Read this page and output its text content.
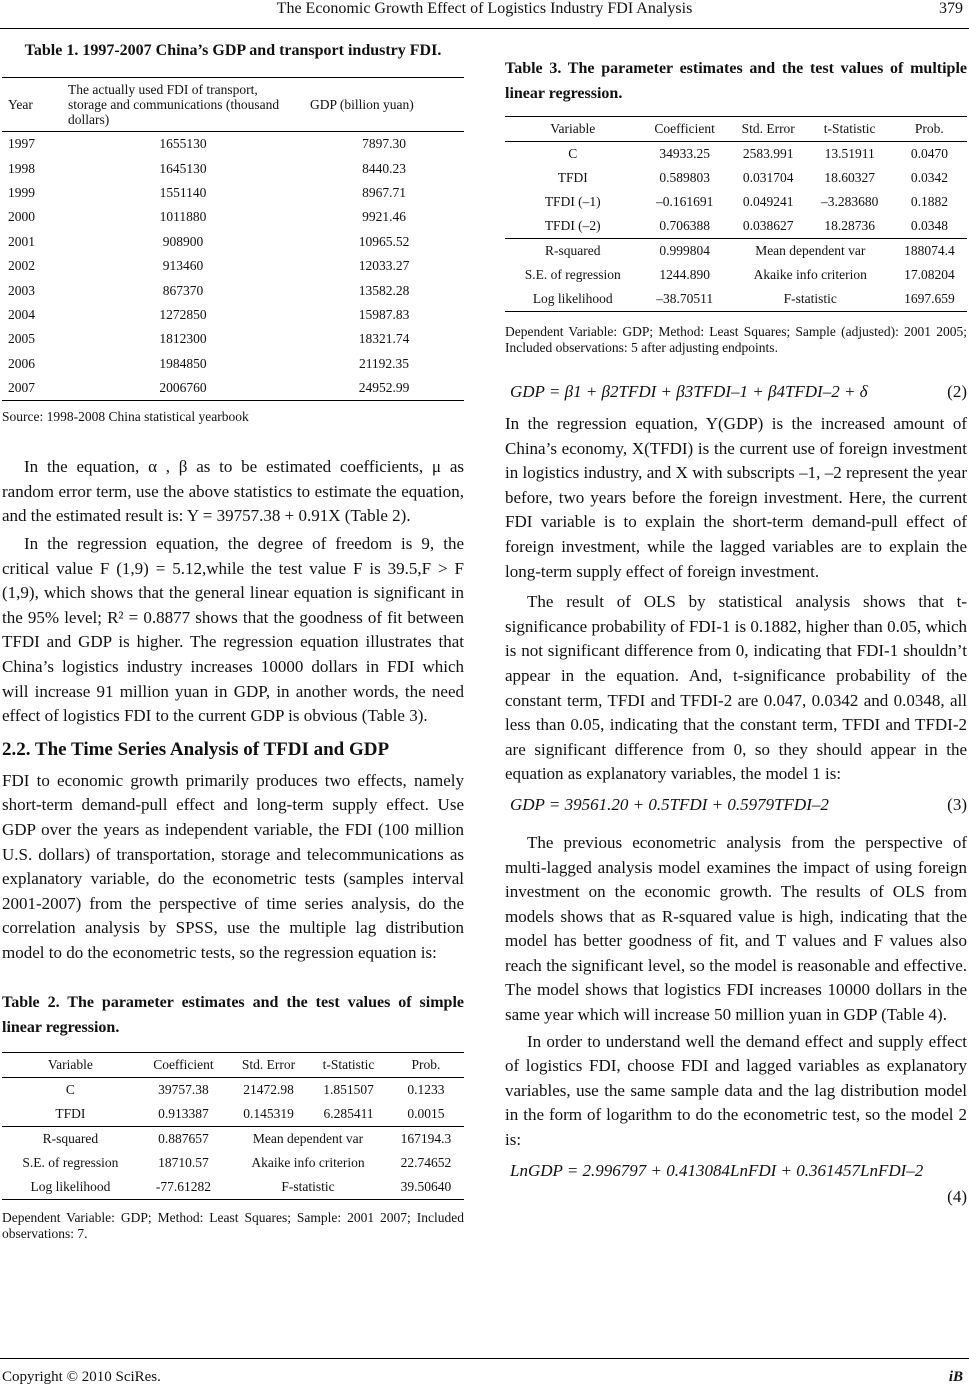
The Economic Growth Effect of Logistics Industry FDI Analysis	379
Table 1. 1997-2007 China’s GDP and transport industry FDI.
Year	The actually used FDI of transport, storage and communications (thousand dollars)	GDP (billion yuan)
1997	1655130	7897.30
1998	1645130	8440.23
1999	1551140	8967.71
2000	1011880	9921.46
2001	908900	10965.52
2002	913460	12033.27
2003	867370	13582.28
2004	1272850	15987.83
2005	1812300	18321.74
2006	1984850	21192.35
2007	2006760	24952.99
Source: 1998-2008 China statistical yearbook

In the equation, α , β as to be estimated coefficients, μ as random error term, use the above statistics to estimate the equation, and the estimated result is: Y = 39757.38 + 0.91X (Table 2).

In the regression equation, the degree of freedom is 9, the critical value F (1,9) = 5.12,while the test value F is 39.5,F > F (1,9), which shows that the general linear equation is significant in the 95% level; R² = 0.8877 shows that the goodness of fit between TFDI and GDP is higher. The regression equation illustrates that China’s logistics industry increases 10000 dollars in FDI which will increase 91 million yuan in GDP, in another words, the need effect of logistics FDI to the current GDP is obvious (Table 3).

2.2. The Time Series Analysis of TFDI and GDP

FDI to economic growth primarily produces two effects, namely short-term demand-pull effect and long-term supply effect. Use GDP over the years as independent variable, the FDI (100 million U.S. dollars) of transportation, storage and telecommunications as explanatory variable, do the econometric tests (samples interval 2001-2007) from the perspective of time series analysis, do the correlation analysis by SPSS, use the multiple lag distribution model to do the econometric tests, so the regression equation is:

Table 2. The parameter estimates and the test values of simple linear regression.
Variable	Coefficient	Std. Error	t-Statistic	Prob.
C	39757.38	21472.98	1.851507	0.1233
TFDI	0.913387	0.145319	6.285411	0.0015
R-squared	0.887657	Mean dependent var		167194.3
S.E. of regression	18710.57	Akaike info criterion		22.74652
Log likelihood	-77.61282	F-statistic		39.50640
Dependent Variable: GDP; Method: Least Squares; Sample: 2001 2007; Included observations: 7.
Table 3. The parameter estimates and the test values of multiple linear regression.
Variable	Coefficient	Std. Error	t-Statistic	Prob.
C	34933.25	2583.991	13.51911	0.0470
TFDI	0.589803	0.031704	18.60327	0.0342
TFDI (–1)	–0.161691	0.049241	–3.283680	0.1882
TFDI (–2)	0.706388	0.038627	18.28736	0.0348
R-squared	0.999804	Mean dependent var		188074.4
S.E. of regression	1244.890	Akaike info criterion		17.08204
Log likelihood	–38.70511	F-statistic		1697.659
Dependent Variable: GDP; Method: Least Squares; Sample (adjusted): 2001 2005; Included observations: 5 after adjusting endpoints.
GDP = β1 + β2TFDI + β3TFDI–1 + β4TFDI–2 + δ	(2)

In the regression equation, Y(GDP) is the increased amount of China’s economy, X(TFDI) is the current use of foreign investment in logistics industry, and X with subscripts –1, –2 represent the year before, two years before the foreign investment. Here, the current FDI variable is to explain the short-term demand-pull effect of foreign investment, while the lagged variables are to explain the long-term supply effect of foreign investment.

The result of OLS by statistical analysis shows that t-significance probability of FDI-1 is 0.1882, higher than 0.05, which is not significant difference from 0, indicating that FDI-1 shouldn’t appear in the equation. And, t-significance probability of the constant term, TFDI and TFDI-2 are 0.047, 0.0342 and 0.0348, all less than 0.05, indicating that the constant term, TFDI and TFDI-2 are significant difference from 0, so they should appear in the equation as explanatory variables, the model 1 is:

GDP = 39561.20 + 0.5TFDI + 0.5979TFDI–2	(3)

The previous econometric analysis from the perspective of multi-lagged analysis model examines the impact of using foreign investment on the economic growth. The results of OLS from models shows that as R-squared value is high, indicating that the model has better goodness of fit, and T values and F values also reach the significant level, so the model is reasonable and effective. The model shows that logistics FDI increases 10000 dollars in the same year which will increase 50 million yuan in GDP (Table 4).

In order to understand well the demand effect and supply effect of logistics FDI, choose FDI and lagged variables as explanatory variables, use the same sample data and the lag distribution model in the form of logarithm to do the econometric test, so the model 2 is:

LnGDP = 2.996797 + 0.413084LnFDI + 0.361457LnFDI–2
(4)
Copyright © 2010 SciRes.	iB
